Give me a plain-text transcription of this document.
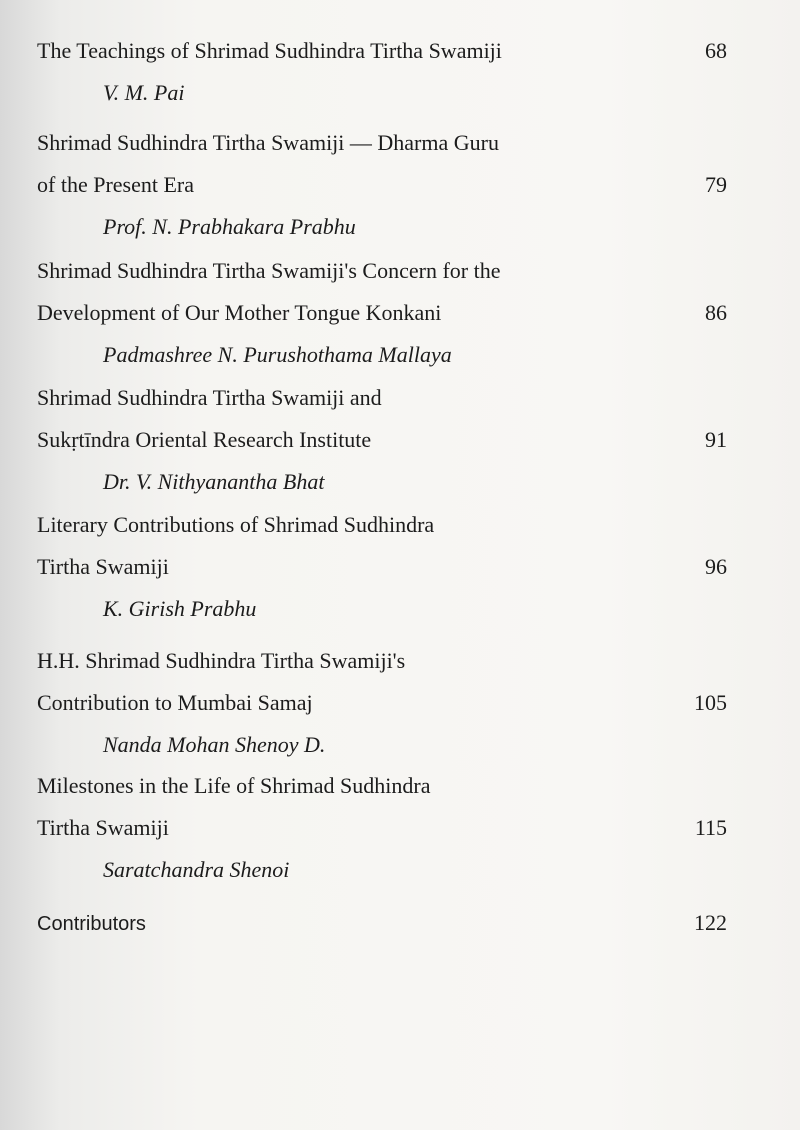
The Teachings of Shrimad Sudhindra Tirtha Swamiji	68
V. M. Pai
Shrimad Sudhindra Tirtha Swamiji — Dharma Guru
of the Present Era	79
Prof. N. Prabhakara Prabhu
Shrimad Sudhindra Tirtha Swamiji's Concern for the
Development of Our Mother Tongue Konkani	86
Padmashree N. Purushothama Mallaya
Shrimad Sudhindra Tirtha Swamiji and
Sukṛtīndra Oriental Research Institute	91
Dr. V. Nithyanantha Bhat
Literary Contributions of Shrimad Sudhindra
Tirtha Swamiji	96
K. Girish Prabhu
H.H. Shrimad Sudhindra Tirtha Swamiji's
Contribution to Mumbai Samaj	105
Nanda Mohan Shenoy D.
Milestones in the Life of Shrimad Sudhindra
Tirtha Swamiji	115
Saratchandra Shenoi
Contributors	122
